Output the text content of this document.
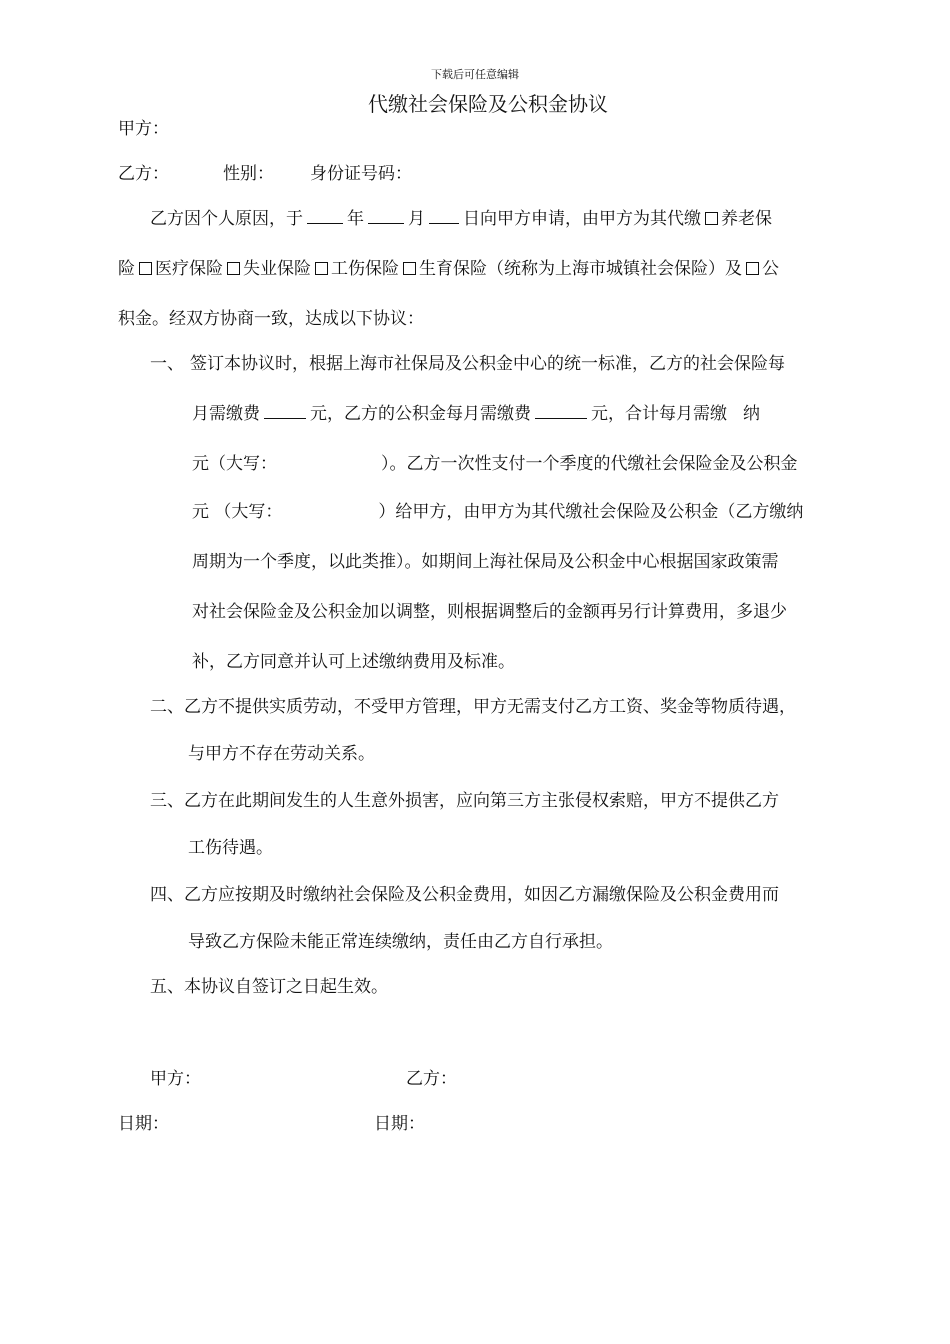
下载后可任意编辑
代缴社会保险及公积金协议
甲方：
乙方：	性别： 身份证号码：
乙方因个人原因，于	年	月 日向甲方申请，由甲方为其代缴 养老保
险 医疗保险 失业保险 工伤保险 生育保险（统称为上海市城镇社会保险）及 公
积金。经双方协商一致，达成以下协议：
一、 签订本协议时，根据上海市社保局及公积金中心的统一标准，乙方的社会保险每
月需缴费	元，乙方的公积金每月需缴费	元，合计每月需缴 纳
元（大写：	）。乙方一次性支付一个季度的代缴社会保险金及公积金
元 （大写：	）给甲方，由甲方为其代缴社会保险及公积金（乙方缴纳
周期为一个季度，以此类推）。如期间上海社保局及公积金中心根据国家政策需
对社会保险金及公积金加以调整，则根据调整后的金额再另行计算费用，多退少
补，乙方同意并认可上述缴纳费用及标准。
二、乙方不提供实质劳动，不受甲方管理，甲方无需支付乙方工资、奖金等物质待遇，
与甲方不存在劳动关系。
三、乙方在此期间发生的人生意外损害，应向第三方主张侵权索赔，甲方不提供乙方
工伤待遇。
四、乙方应按期及时缴纳社会保险及公积金费用，如因乙方漏缴保险及公积金费用而
导致乙方保险未能正常连续缴纳，责任由乙方自行承担。
五、本协议自签订之日起生效。
甲方：	乙方：
日期：	日期：
